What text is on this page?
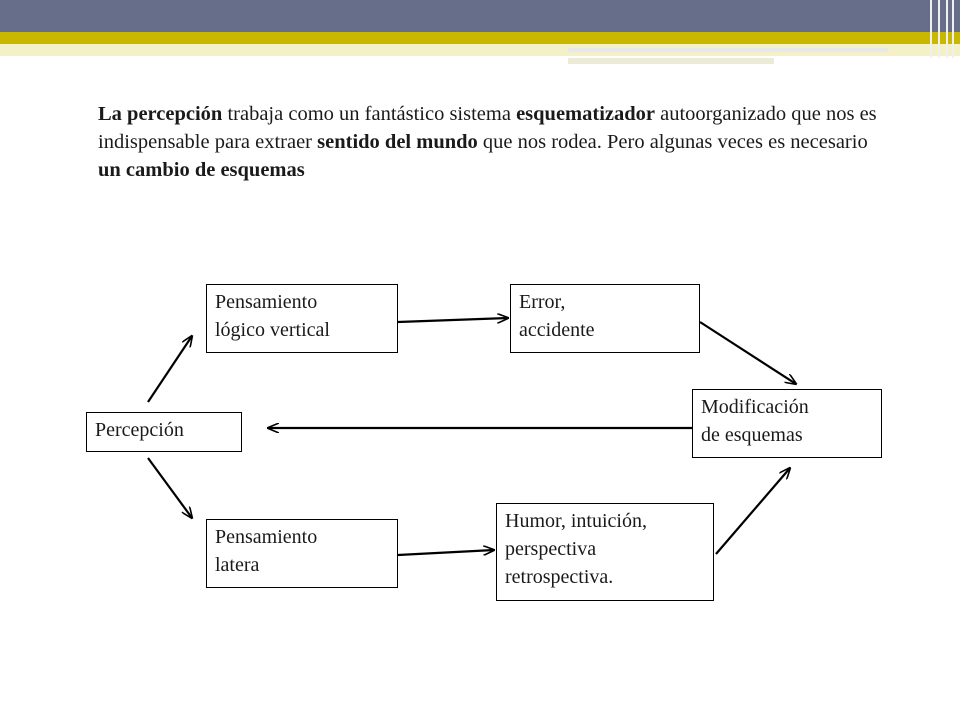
La percepción trabaja como un fantástico sistema esquematizador autoorganizado que nos es indispensable para extraer sentido del mundo que nos rodea. Pero algunas veces es necesario un cambio de esquemas

Percepción
Pensamiento
lógico vertical
Error,
accidente
Modificación
de esquemas
Pensamiento
latera
Humor, intuición,
perspectiva
retrospectiva.
